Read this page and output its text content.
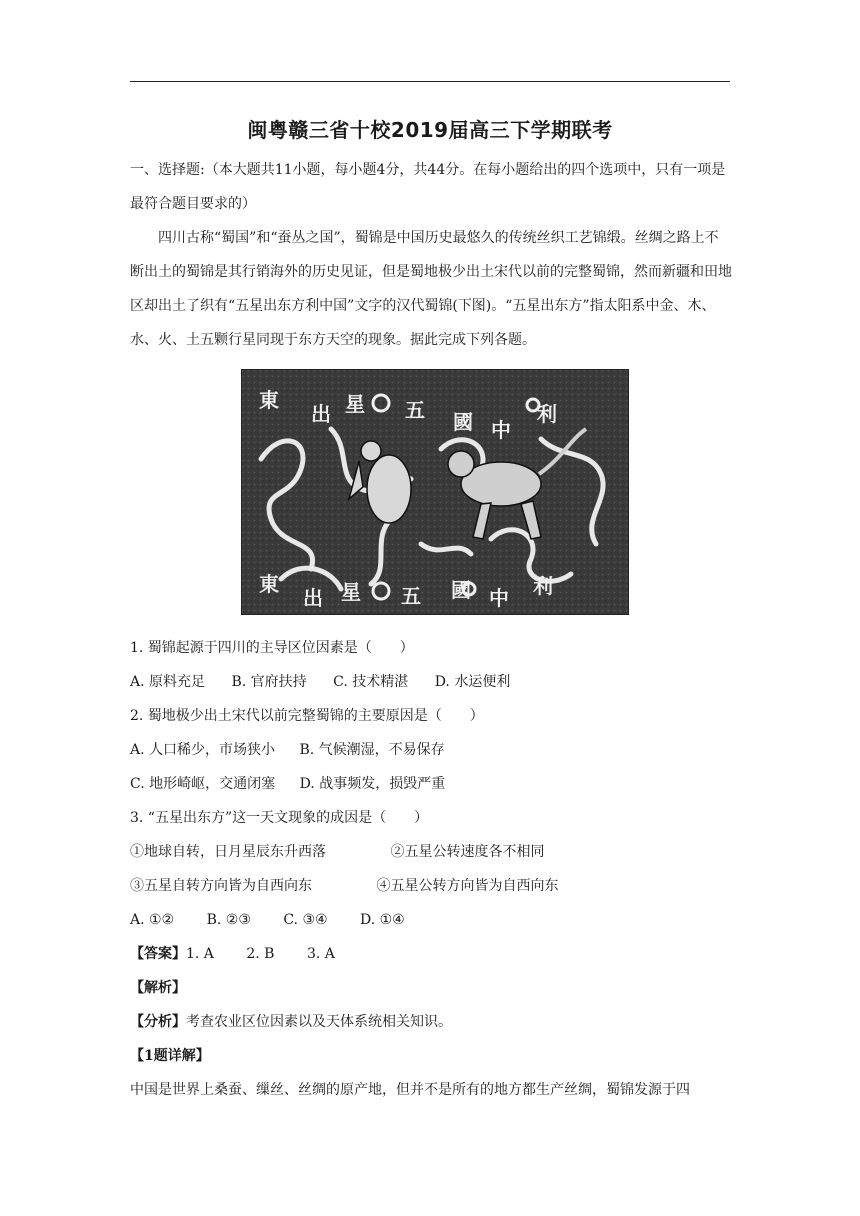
闽粤赣三省十校2019届高三下学期联考

一、选择题:（本大题共11小题，每小题4分，共44分。在每小题给出的四个选项中，只有一项是最符合题目要求的）

四川古称“蜀国”和“蚕丛之国”，蜀锦是中国历史最悠久的传统丝织工艺锦缎。丝绸之路上不断出土的蜀锦是其行销海外的历史见证，但是蜀地极少出土宋代以前的完整蜀锦，然而新疆和田地区却出土了织有“五星出东方利中国”文字的汉代蜀锦(下图)。“五星出东方”指太阳系中金、木、水、火、土五颗行星同现于东方天空的现象。据此完成下列各题。

東
出 星 五 國 中
利
東
出 星 五 國 中 利

1. 蜀锦起源于四川的主导区位因素是（　　）

A. 原料充足 B. 官府扶持 C. 技术精湛 D. 水运便利

2. 蜀地极少出土宋代以前完整蜀锦的主要原因是（　　）

A. 人口稀少，市场狭小 B. 气候潮湿，不易保存

C. 地形崎岖，交通闭塞 D. 战事频发，损毁严重

3. “五星出东方”这一天文现象的成因是（　　）

①地球自转，日月星辰东升西落	②五星公转速度各不相同

③五星自转方向皆为自西向东	④五星公转方向皆为自西向东

A. ①② B. ②③ C. ③④ D. ①④

【答案】1. A 2. B 3. A

【解析】

【分析】考查农业区位因素以及天体系统相关知识。

【1题详解】

中国是世界上桑蚕、缫丝、丝绸的原产地，但并不是所有的地方都生产丝绸，蜀锦发源于四
